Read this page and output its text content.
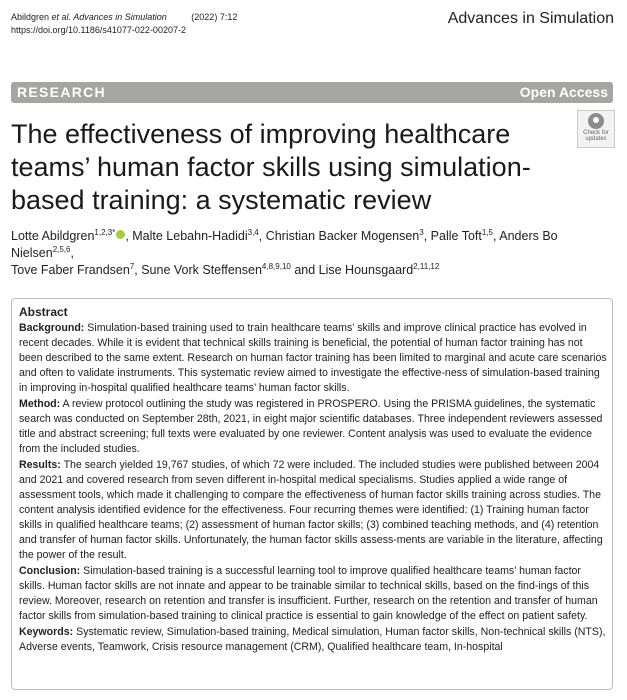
Abildgren et al. Advances in Simulation	(2022) 7:12
https://doi.org/10.1186/s41077-022-00207-2
Advances in Simulation
RESEARCH	Open Access
The effectiveness of improving healthcare teams’ human factor skills using simulation-based training: a systematic review
Check for updates
Lotte Abildgren$^{1,2,3*}$ , Malte Lebahn-Hadidi$^{3,4}$, Christian Backer Mogensen$^3$, Palle Toft$^{1,5}$, Anders Bo Nielsen$^{2,5,6}$,
Tove Faber Frandsen$^7$, Sune Vork Steffensen$^{4,8,9,10}$ and Lise Hounsgaard$^{2,11,12}$
Abstract
Background: Simulation-based training used to train healthcare teams’ skills and improve clinical practice has evolved in recent decades. While it is evident that technical skills training is beneficial, the potential of human factor training has not been described to the same extent. Research on human factor training has been limited to marginal and acute care scenarios and often to validate instruments. This systematic review aimed to investigate the effective-ness of simulation-based training in improving in-hospital qualified healthcare teams’ human factor skills.
Method: A review protocol outlining the study was registered in PROSPERO. Using the PRISMA guidelines, the systematic search was conducted on September 28th, 2021, in eight major scientific databases. Three independent reviewers assessed title and abstract screening; full texts were evaluated by one reviewer. Content analysis was used to evaluate the evidence from the included studies.
Results: The search yielded 19,767 studies, of which 72 were included. The included studies were published between 2004 and 2021 and covered research from seven different in-hospital medical specialisms. Studies applied a wide range of assessment tools, which made it challenging to compare the effectiveness of human factor skills training across studies. The content analysis identified evidence for the effectiveness. Four recurring themes were identified: (1) Training human factor skills in qualified healthcare teams; (2) assessment of human factor skills; (3) combined teaching methods, and (4) retention and transfer of human factor skills. Unfortunately, the human factor skills assess-ments are variable in the literature, affecting the power of the result.
Conclusion: Simulation-based training is a successful learning tool to improve qualified healthcare teams’ human factor skills. Human factor skills are not innate and appear to be trainable similar to technical skills, based on the find-ings of this review. Moreover, research on retention and transfer is insufficient. Further, research on the retention and transfer of human factor skills from simulation-based training to clinical practice is essential to gain knowledge of the effect on patient safety.
Keywords: Systematic review, Simulation-based training, Medical simulation, Human factor skills, Non-technical skills (NTS), Adverse events, Teamwork, Crisis resource management (CRM), Qualified healthcare team, In-hospital
